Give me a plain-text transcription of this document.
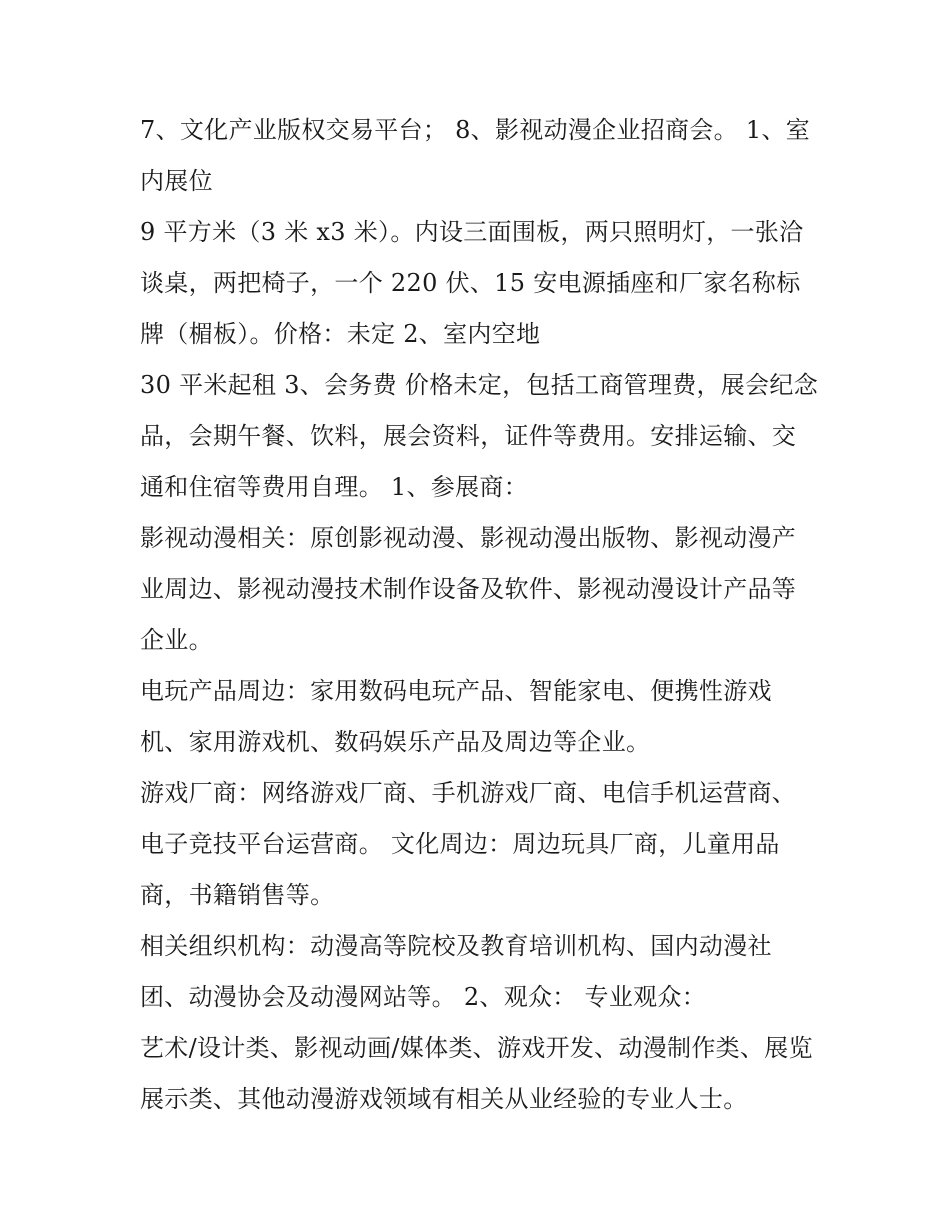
7、文化产业版权交易平台； 8、影视动漫企业招商会。 1、室内展位

9 平方米（3 米 x3 米）。内设三面围板，两只照明灯，一张洽谈桌，两把椅子，一个 220 伏、15 安电源插座和厂家名称标牌（楣板）。价格：未定 2、室内空地

30 平米起租 3、会务费 价格未定，包括工商管理费，展会纪念品，会期午餐、饮料，展会资料，证件等费用。安排运输、交通和住宿等费用自理。 1、参展商：

影视动漫相关：原创影视动漫、影视动漫出版物、影视动漫产业周边、影视动漫技术制作设备及软件、影视动漫设计产品等企业。

电玩产品周边：家用数码电玩产品、智能家电、便携性游戏机、家用游戏机、数码娱乐产品及周边等企业。

游戏厂商：网络游戏厂商、手机游戏厂商、电信手机运营商、电子竞技平台运营商。 文化周边：周边玩具厂商，儿童用品商，书籍销售等。

相关组织机构：动漫高等院校及教育培训机构、国内动漫社团、动漫协会及动漫网站等。 2、观众： 专业观众：

艺术/设计类、影视动画/媒体类、游戏开发、动漫制作类、展览展示类、其他动漫游戏领域有相关从业经验的专业人士。
